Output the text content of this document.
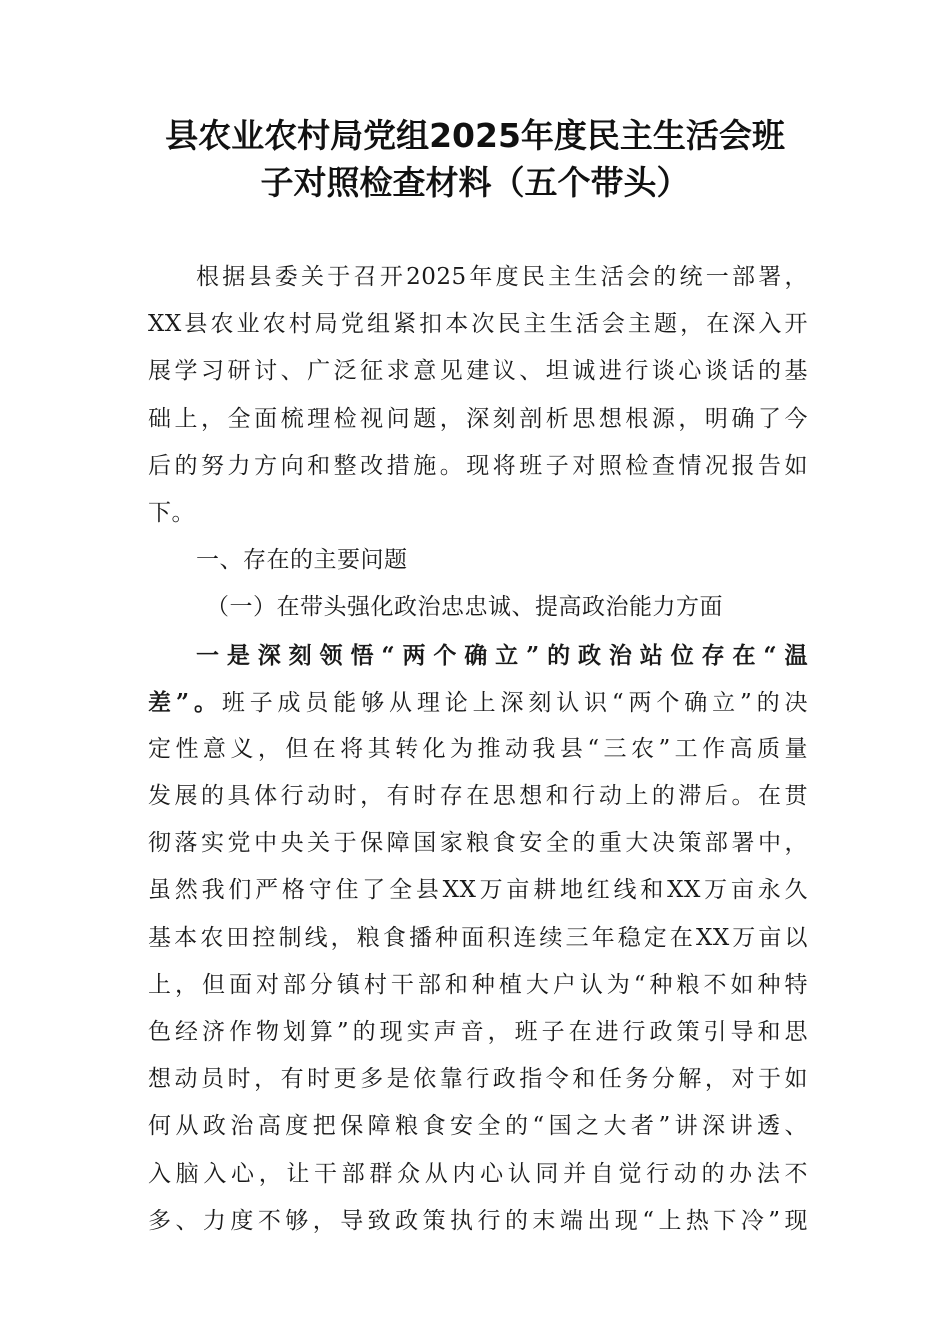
县农业农村局党组2025年度民主生活会班
子对照检查材料（五个带头）
根据县委关于召开2025年度民主生活会的统一部署，
XX县农业农村局党组紧扣本次民主生活会主题，在深入开
展学习研讨、广泛征求意见建议、坦诚进行谈心谈话的基
础上，全面梳理检视问题，深刻剖析思想根源，明确了今
后的努力方向和整改措施。现将班子对照检查情况报告如
下。
一、存在的主要问题
（一）在带头强化政治忠忠诚、提高政治能力方面
一是深刻领悟“两个确立”的政治站位存在“温
差”。班子成员能够从理论上深刻认识“两个确立”的决
定性意义，但在将其转化为推动我县“三农”工作高质量
发展的具体行动时，有时存在思想和行动上的滞后。在贯
彻落实党中央关于保障国家粮食安全的重大决策部署中，
虽然我们严格守住了全县XX万亩耕地红线和XX万亩永久
基本农田控制线，粮食播种面积连续三年稳定在XX万亩以
上，但面对部分镇村干部和种植大户认为“种粮不如种特
色经济作物划算”的现实声音，班子在进行政策引导和思
想动员时，有时更多是依靠行政指令和任务分解，对于如
何从政治高度把保障粮食安全的“国之大者”讲深讲透、
入脑入心，让干部群众从内心认同并自觉行动的办法不
多、力度不够，导致政策执行的末端出现“上热下冷”现
